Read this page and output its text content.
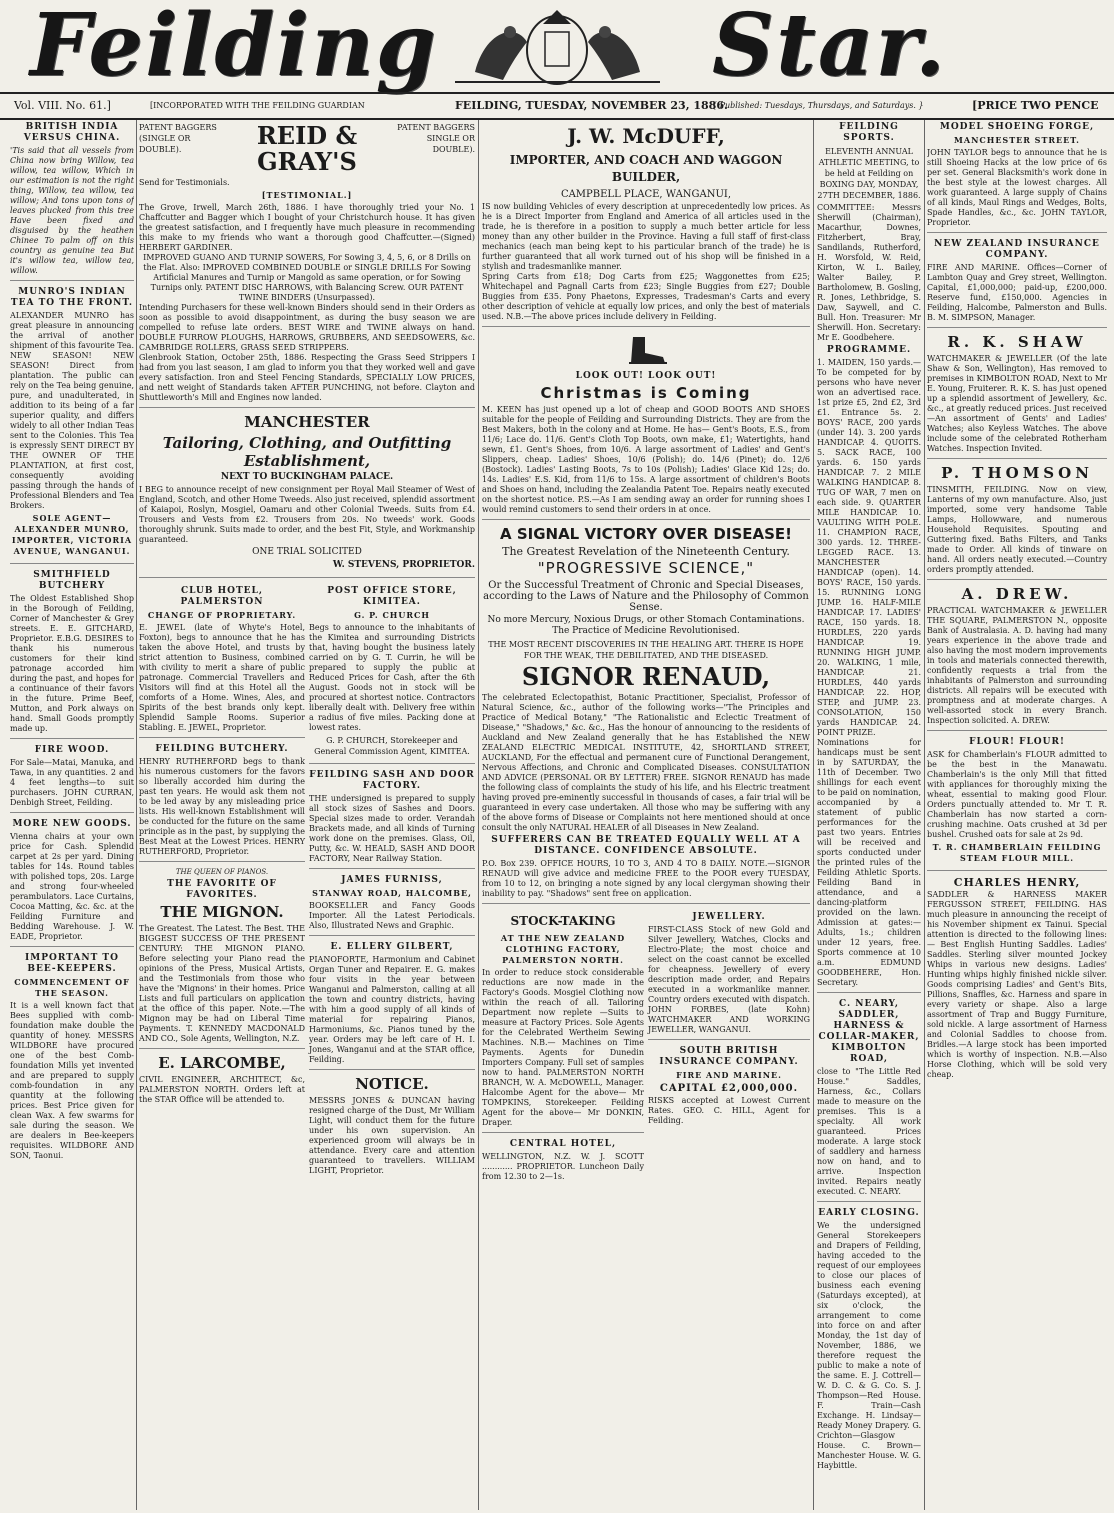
Feilding	Star.
Vol. VIII. No. 61.]	[INCORPORATED WITH THE FEILDING GUARDIAN	FEILDING, TUESDAY, NOVEMBER 23, 1886.
{ Published: Tuesdays, Thursdays, and Saturdays. }	[PRICE TWO PENCE
BRITISH INDIA VERSUS CHINA.

'Tis said that all vessels from China now bring Willow, tea willow, tea willow, Which in our estimation is not the right thing, Willow, tea willow, tea willow; And tons upon tons of leaves plucked from this tree Have been fixed and disguised by the heathen Chinee To palm off on this country as genuine tea But it's willow tea, willow tea, willow.

MUNRO'S INDIAN TEA TO THE FRONT.

ALEXANDER MUNRO has great pleasure in announcing the arrival of another shipment of this favourite Tea. NEW SEASON! NEW SEASON! Direct from plantation. The public can rely on the Tea being genuine, pure, and unadulterated, in addition to its being of a far superior quality, and differs widely to all other Indian Teas sent to the Colonies. This Tea is expressly SENT DIRECT BY THE OWNER OF THE PLANTATION, at first cost, consequently avoiding passing through the hands of Professional Blenders and Tea Brokers.

SOLE AGENT— ALEXANDER MUNRO, IMPORTER, VICTORIA AVENUE, WANGANUI.
SMITHFIELD BUTCHERY

The Oldest Established Shop in the Borough of Feilding, Corner of Manchester & Grey streets. E. E. GITCHARD, Proprietor. E.B.G. DESIRES to thank his numerous customers for their kind patronage accorded him during the past, and hopes for a continuance of their favors in the future. Prime Beef, Mutton, and Pork always on hand. Small Goods promptly made up.

FIRE WOOD.

For Sale—Matai, Manuka, and Tawa, in any quantities. 2 and 4 feet lengths—to suit purchasers. JOHN CURRAN, Denbigh Street, Feilding.

MORE NEW GOODS.

Vienna chairs at your own price for Cash. Splendid carpet at 2s per yard. Dining tables for 14s. Round tables with polished tops, 20s. Large and strong four-wheeled perambulators. Lace Curtains, Cocoa Matting, &c. &c. at the Feilding Furniture and Bedding Warehouse. J. W. EADE, Proprietor.

IMPORTANT TO BEE-KEEPERS.
COMMENCEMENT OF THE SEASON.

It is a well known fact that Bees supplied with comb-foundation make double the quantity of honey. MESSRS WILDBORE have procured one of the best Comb-foundation Mills yet invented and are prepared to supply comb-foundation in any quantity at the following prices. Best Price given for clean Wax. A few swarms for sale during the season. We are dealers in Bee-keepers requisites. WILDBORE AND SON, Taonui.

PATENT BAGGERS (SINGLE OR DOUBLE).	REID & GRAY'S
PATENT BAGGERS SINGLE OR DOUBLE).

Send for Testimonials.

[TESTIMONIAL.]

The Grove, Irwell, March 26th, 1886. I have thoroughly tried your No. 1 Chaffcutter and Bagger which I bought of your Christchurch house. It has given the greatest satisfaction, and I frequently have much pleasure in recommending this make to my friends who want a thorough good Chaffcutter.—(Signed) HERBERT GARDINER.

IMPROVED GUANO AND TURNIP SOWERS, For Sowing 3, 4, 5, 6, or 8 Drills on the Flat. Also: IMPROVED COMBINED DOUBLE or SINGLE DRILLS For Sowing Artificial Manures and Turnip or Mangold as same operation, or for Sowing Turnips only. PATENT DISC HARROWS, with Balancing Screw. OUR PATENT TWINE BINDERS (Unsurpassed).

Intending Purchasers for these well-known Binders should send in their Orders as soon as possible to avoid disappointment, as during the busy season we are compelled to refuse late orders. BEST WIRE and TWINE always on hand. DOUBLE FURROW PLOUGHS, HARROWS, GRUBBERS, AND SEEDSOWERS, &c. CAMBRIDGE ROLLERS, GRASS SEED STRIPPERS.

Glenbrook Station, October 25th, 1886. Respecting the Grass Seed Strippers I had from you last season, I am glad to inform you that they worked well and gave every satisfaction. Iron and Steel Fencing Standards, SPECIALLY LOW PRICES, and nett weight of Standards taken AFTER PUNCHING, not before. Clayton and Shuttleworth's Mill and Engines now landed.

MANCHESTER
Tailoring, Clothing, and Outfitting Establishment,
NEXT TO BUCKINGHAM PALACE.

I BEG to announce receipt of new consignment per Royal Mail Steamer of West of England, Scotch, and other Home Tweeds. Also just received, splendid assortment of Kaiapoi, Roslyn, Mosgiel, Oamaru and other Colonial Tweeds. Suits from £4. Trousers and Vests from £2. Trousers from 20s. No tweeds' work. Goods thoroughly shrunk. Suits made to order, and the best Fit, Style, and Workmanship guaranteed.

ONE TRIAL SOLICITED
W. STEVENS, PROPRIETOR.
CLUB HOTEL, PALMERSTON
CHANGE OF PROPRIETARY.

E. JEWEL (late of Whyte's Hotel, Foxton), begs to announce that he has taken the above Hotel, and trusts by strict attention to Business, combined with civility to merit a share of public patronage. Commercial Travellers and Visitors will find at this Hotel all the comforts of a Home. Wines, Ales, and Spirits of the best brands only kept. Splendid Sample Rooms. Superior Stabling. E. JEWEL, Proprietor.

FEILDING BUTCHERY.

HENRY RUTHERFORD begs to thank his numerous customers for the favors so liberally accorded him during the past ten years. He would ask them not to be led away by any misleading price lists. His well-known Establishment will be conducted for the future on the same principle as in the past, by supplying the Best Meat at the Lowest Prices. HENRY RUTHERFORD, Proprietor.

THE QUEEN OF PIANOS.
THE FAVORITE OF FAVORITES.
THE MIGNON.

The Greatest. The Latest. The Best. THE BIGGEST SUCCESS OF THE PRESENT CENTURY: THE MIGNON PIANO. Before selecting your Piano read the opinions of the Press, Musical Artists, and the Testimonials from those who have the 'Mignons' in their homes. Price Lists and full particulars on application at the office of this paper. Note.—The Mignon may be had on Liberal Time Payments. T. KENNEDY MACDONALD AND CO., Sole Agents, Wellington, N.Z.

E. LARCOMBE,

CIVIL ENGINEER, ARCHITECT, &c, PALMERSTON NORTH. Orders left at the STAR Office will be attended to.

POST OFFICE STORE, KIMITEA.
G. P. CHURCH

Begs to announce to the inhabitants of the Kimitea and surrounding Districts that, having bought the business lately carried on by G. T. Currin, he will be prepared to supply the public at Reduced Prices for Cash, after the 6th August. Goods not in stock will be procured at shortest notice. Contractors liberally dealt with. Delivery free within a radius of five miles. Packing done at lowest rates.

G. P. CHURCH, Storekeeper and General Commission Agent, KIMITEA.
FEILDING SASH AND DOOR FACTORY.

THE undersigned is prepared to supply all stock sizes of Sashes and Doors. Special sizes made to order. Verandah Brackets made, and all kinds of Turning work done on the premises. Glass, Oil, Putty, &c. W. HEALD, SASH AND DOOR FACTORY, Near Railway Station.

JAMES FURNISS,
STANWAY ROAD, HALCOMBE,

BOOKSELLER and Fancy Goods Importer. All the Latest Periodicals. Also, Illustrated News and Graphic.

E. ELLERY GILBERT,

PIANOFORTE, Harmonium and Cabinet Organ Tuner and Repairer. E. G. makes four visits in the year between Wanganui and Palmerston, calling at all the town and country districts, having with him a good supply of all kinds of material for repairing Pianos, Harmoniums, &c. Pianos tuned by the year. Orders may be left care of H. I. Jones, Wanganui and at the STAR office, Feilding.

NOTICE.

MESSRS JONES & DUNCAN having resigned charge of the Dust, Mr William Light, will conduct them for the future under his own supervision. An experienced groom will always be in attendance. Every care and attention guaranteed to travellers. WILLIAM LIGHT, Proprietor.

J. W. McDUFF,
IMPORTER, AND COACH AND WAGGON BUILDER,
CAMPBELL PLACE, WANGANUI,

IS now building Vehicles of every description at unprecedentedly low prices. As he is a Direct Importer from England and America of all articles used in the trade, he is therefore in a position to supply a much better article for less money than any other builder in the Province. Having a full staff of first-class mechanics (each man being kept to his particular branch of the trade) he is further guaranteed that all work turned out of his shop will be finished in a stylish and tradesmanlike manner.

Spring Carts from £18; Dog Carts from £25; Waggonettes from £25; Whitechapel and Pagnall Carts from £23; Single Buggies from £27; Double Buggies from £35. Pony Phaetons, Expresses, Tradesman's Carts and every other description of vehicle at equally low prices, and only the best of materials used. N.B.—The above prices include delivery in Feilding.

LOOK OUT! LOOK OUT!
Christmas is Coming

M. KEEN has just opened up a lot of cheap and GOOD BOOTS AND SHOES suitable for the people of Feilding and Surrounding Districts. They are from the Best Makers, both in the colony and at Home. He has— Gent's Boots, E.S., from 11/6; Lace do. 11/6. Gent's Cloth Top Boots, own make, £1; Watertights, hand sewn, £1. Gent's Shoes, from 10/6. A large assortment of Ladies' and Gent's Slippers, cheap. Ladies' Shoes, 10/6 (Polish); do. 14/6 (Pinet); do. 12/6 (Bostock). Ladies' Lasting Boots, 7s to 10s (Polish); Ladies' Glace Kid 12s; do. 14s. Ladies' E.S. Kid, from 11/6 to 15s. A large assortment of children's Boots and Shoes on hand, including the Zealandia Patent Toe. Repairs neatly executed on the shortest notice. P.S.—As I am sending away an order for running shoes I would remind customers to send their orders in at once.

A SIGNAL VICTORY OVER DISEASE!
The Greatest Revelation of the Nineteenth Century.
"PROGRESSIVE SCIENCE,"
Or the Successful Treatment of Chronic and Special Diseases, according to the Laws of Nature and the Philosophy of Common Sense.
No more Mercury, Noxious Drugs, or other Stomach Contaminations. The Practice of Medicine Revolutionised.
THE MOST RECENT DISCOVERIES IN THE HEALING ART. THERE IS HOPE FOR THE WEAK, THE DEBILITATED, AND THE DISEASED.
SIGNOR RENAUD,

The celebrated Eclectopathist, Botanic Practitioner, Specialist, Professor of Natural Science, &c., author of the following works—"The Principles and Practice of Medical Botany," "The Rationalistic and Eclectic Treatment of Disease," "Shadows," &c. &c., Has the honour of announcing to the residents of Auckland and New Zealand generally that he has Established the NEW ZEALAND ELECTRIC MEDICAL INSTITUTE, 42, SHORTLAND STREET, AUCKLAND, For the effectual and permanent cure of Functional Derangement, Nervous Affections, and Chronic and Complicated Diseases. CONSULTATION AND ADVICE (PERSONAL OR BY LETTER) FREE. SIGNOR RENAUD has made the following class of complaints the study of his life, and his Electric treatment having proved pre-eminently successful in thousands of cases, a fair trial will be guaranteed in every case undertaken. All those who may be suffering with any of the above forms of Disease or Complaints not here mentioned should at once consult the only NATURAL HEALER of all Diseases in New Zealand.

SUFFERERS CAN BE TREATED EQUALLY WELL AT A DISTANCE. CONFIDENCE ABSOLUTE.

P.O. Box 239. OFFICE HOURS, 10 TO 3, AND 4 TO 8 DAILY. NOTE.—SIGNOR RENAUD will give advice and medicine FREE to the POOR every TUESDAY, from 10 to 12, on bringing a note signed by any local clergyman showing their inability to pay. "Shadows" sent free on application.

STOCK-TAKING
AT THE NEW ZEALAND CLOTHING FACTORY, PALMERSTON NORTH.

In order to reduce stock considerable reductions are now made in the Factory's Goods. Mosgiel Clothing now within the reach of all. Tailoring Department now replete —Suits to measure at Factory Prices. Sole Agents for the Celebrated Wertheim Sewing Machines. N.B.— Machines on Time Payments. Agents for Dunedin Importers Company. Full set of samples now to hand. PALMERSTON NORTH BRANCH, W. A. McDOWELL, Manager. Halcombe Agent for the above— Mr TOMPKINS, Storekeeper. Feilding Agent for the above— Mr DONKIN, Draper.

CENTRAL HOTEL,

WELLINGTON, N.Z. W. J. SCOTT ............ PROPRIETOR. Luncheon Daily from 12.30 to 2—1s.

JEWELLERY.

FIRST-CLASS Stock of new Gold and Silver Jewellery, Watches, Clocks and Electro-Plate; the most choice and select on the coast cannot be excelled for cheapness. Jewellery of every description made order, and Repairs executed in a workmanlike manner. Country orders executed with dispatch. JOHN FORBES, (late Kohn) WATCHMAKER AND WORKING JEWELLER, WANGANUI.

SOUTH BRITISH INSURANCE COMPANY.
FIRE AND MARINE.
CAPITAL £2,000,000.

RISKS accepted at Lowest Current Rates. GEO. C. HILL, Agent for Feilding.

FEILDING SPORTS.
ELEVENTH ANNUAL ATHLETIC MEETING, to be held at Feilding on BOXING DAY, MONDAY, 27TH DECEMBER, 1886.

COMMITTEE: Messrs Sherwill (Chairman), Macarthur, Downes, Fitzherbert, Bray, Sandilands, Rutherford, H. Worsfold, W. Reid, Kirton, W. L. Bailey, Walter Bailey, P. Bartholomew, B. Gosling, R. Jones, Lethbridge, S. Daw, Saywell, and C. Bull. Hon. Treasurer: Mr Sherwill. Hon. Secretary: Mr E. Goodbehere.

PROGRAMME.

1. MAIDEN, 150 yards.—To be competed for by persons who have never won an advertised race. 1st prize £5, 2nd £2, 3rd £1. Entrance 5s. 2. BOYS' RACE, 200 yards (under 14). 3. 200 yards HANDICAP. 4. QUOITS. 5. SACK RACE, 100 yards. 6. 150 yards HANDICAP. 7. 2 MILE WALKING HANDICAP. 8. TUG OF WAR, 7 men on each side. 9. QUARTER MILE HANDICAP. 10. VAULTING WITH POLE. 11. CHAMPION RACE, 300 yards. 12. THREE-LEGGED RACE. 13. MANCHESTER HANDICAP (open). 14. BOYS' RACE, 150 yards. 15. RUNNING LONG JUMP. 16. HALF-MILE HANDICAP. 17. LADIES' RACE, 150 yards. 18. HURDLES, 220 yards HANDICAP. 19. RUNNING HIGH JUMP. 20. WALKING, 1 mile, HANDICAP. 21. HURDLES, 440 yards HANDICAP. 22. HOP, STEP, and JUMP. 23. CONSOLATION, 150 yards HANDICAP. 24. POINT PRIZE.

Nominations for handicaps must be sent in by SATURDAY, the 11th of December. Two shillings for each event to be paid on nomination, accompanied by a statement of public performances for the past two years. Entries will be received and sports conducted under the printed rules of the Feilding Athletic Sports. Feilding Band in attendance, and a dancing-platform provided on the lawn. Admission at gates:—Adults, 1s.; children under 12 years, free. Sports commence at 10 a.m. EDMUND GOODBEHERE, Hon. Secretary.

C. NEARY, SADDLER, HARNESS & COLLAR-MAKER, KIMBOLTON ROAD,

close to "The Little Red House." Saddles, Harness, &c., Collars made to measure on the premises. This is a specialty. All work guaranteed. Prices moderate. A large stock of saddlery and harness now on hand, and to arrive. Inspection invited. Repairs neatly executed. C. NEARY.

EARLY CLOSING.

We the undersigned General Storekeepers and Drapers of Feilding, having acceded to the request of our employees to close our places of business each evening (Saturdays excepted), at six o'clock, the arrangement to come into force on and after Monday, the 1st day of November, 1886, we therefore request the public to make a note of the same. E. J. Cottrell—W. D. C. & G. Co. S. J. Thompson—Red House. F. Train—Cash Exchange. H. Lindsay—Ready Money Drapery. G. Crichton—Glasgow House. C. Brown—Manchester House. W. G. Haybittle.

MODEL SHOEING FORGE,
MANCHESTER STREET.

JOHN TAYLOR begs to announce that he is still Shoeing Hacks at the low price of 6s per set. General Blacksmith's work done in the best style at the lowest charges. All work guaranteed. A large supply of Chains of all kinds, Maul Rings and Wedges, Bolts, Spade Handles, &c., &c. JOHN TAYLOR, Proprietor.

NEW ZEALAND INSURANCE COMPANY.

FIRE AND MARINE. Offices—Corner of Lambton Quay and Grey street, Wellington. Capital, £1,000,000; paid-up, £200,000. Reserve fund, £150,000. Agencies in Feilding, Halcombe, Palmerston and Bulls. B. M. SIMPSON, Manager.

R. K. SHAW

WATCHMAKER & JEWELLER (Of the late Shaw & Son, Wellington), Has removed to premises in KIMBOLTON ROAD, Next to Mr E. Young, Fruiterer. R. K. S. has just opened up a splendid assortment of Jewellery, &c. &c., at greatly reduced prices. Just received—An assortment of Gents' and Ladies' Watches; also Keyless Watches. The above include some of the celebrated Rotherham Watches. Inspection Invited.

P. THOMSON

TINSMITH, FEILDING. Now on view, Lanterns of my own manufacture. Also, just imported, some very handsome Table Lamps, Hollowware, and numerous Household Requisites. Spouting and Guttering fixed. Baths Filters, and Tanks made to Order. All kinds of tinware on hand. All orders neatly executed.—Country orders promptly attended.

A. DREW.

PRACTICAL WATCHMAKER & JEWELLER THE SQUARE, PALMERSTON N., opposite Bank of Australasia. A. D. having had many years experience in the above trade and also having the most modern improvements in tools and materials connected therewith, confidently requests a trial from the inhabitants of Palmerston and surrounding districts. All repairs will be executed with promptness and at moderate charges. A well-assorted stock in every Branch. Inspection solicited. A. DREW.

FLOUR! FLOUR!

ASK for Chamberlain's FLOUR admitted to be the best in the Manawatu. Chamberlain's is the only Mill that fitted with appliances for thoroughly mixing the wheat, essential to making good Flour. Orders punctually attended to. Mr T. R. Chamberlain has now started a corn-crushing machine. Oats crushed at 3d per bushel. Crushed oats for sale at 2s 9d.

T. R. CHAMBERLAIN FEILDING STEAM FLOUR MILL.
CHARLES HENRY,

SADDLER & HARNESS MAKER FERGUSSON STREET, FEILDING. HAS much pleasure in announcing the receipt of his November shipment ex Tainui. Special attention is directed to the following lines:— Best English Hunting Saddles. Ladies' Saddles. Sterling silver mounted Jockey Whips in various new designs. Ladies' Hunting whips highly finished nickle silver. Goods comprising Ladies' and Gent's Bits, Pillions, Snaffles, &c. Harness and spare in every variety or shape. Also a large assortment of Trap and Buggy Furniture, sold nickle. A large assortment of Harness and Colonial Saddles to choose from. Bridles.—A large stock has been imported which is worthy of inspection. N.B.—Also Horse Clothing, which will be sold very cheap.
